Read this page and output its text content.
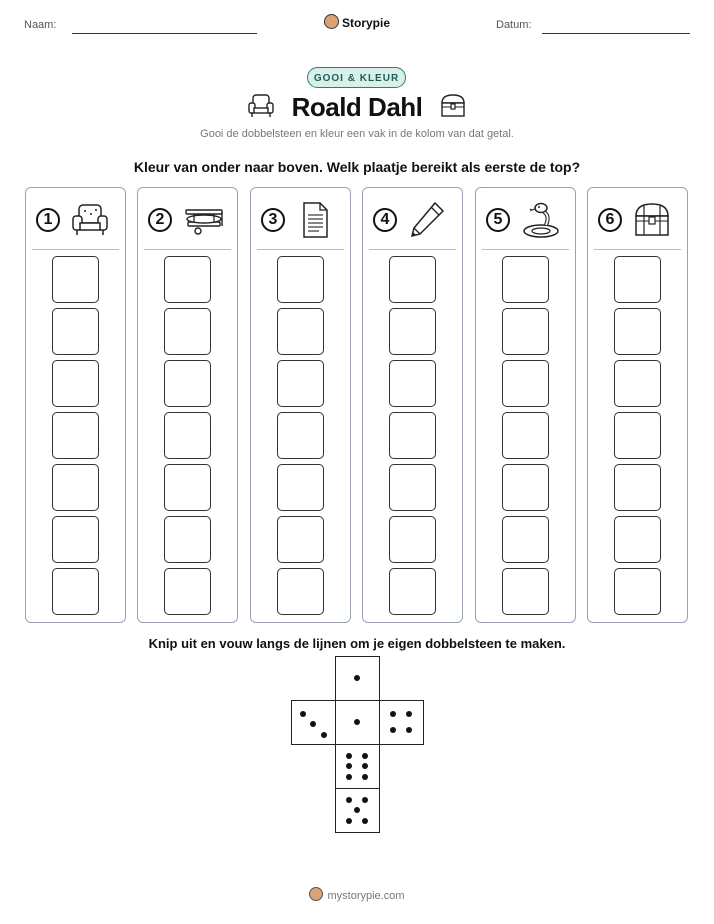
Naam:	Storypie	Datum:
GOOI & KLEUR
Roald Dahl
Gooi de dobbelsteen en kleur een vak in de kolom van dat getal.
Kleur van onder naar boven. Welk plaatje bereikt als eerste de top?
1	2	3	4	5	6
Knip uit en vouw langs de lijnen om je eigen dobbelsteen te maken.
mystorypie.com
